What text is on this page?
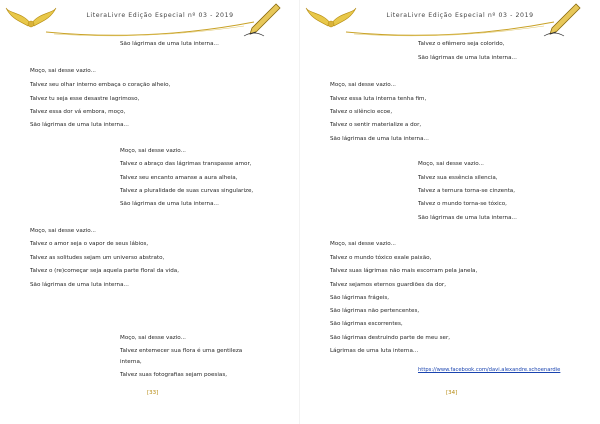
LiteraLivre Edição Especial nº 03 - 2019
São lágrimas de uma luta interna...
Moço, sai desse vazio...
Talvez seu olhar interno embaça o coração alheio,
Talvez tu seja esse desastre lagrimoso,
Talvez essa dor vá embora, moço,
São lágrimas de uma luta interna...
Moço, sai desse vazio...
Talvez o abraço das lágrimas transpasse amor,
Talvez seu encanto amanse a aura alheia,
Talvez a pluralidade de suas curvas singularize,
São lágrimas de uma luta interna...
Moço, sai desse vazio...
Talvez o amor seja o vapor de seus lábios,
Talvez as solitudes sejam um universo abstrato,
Talvez o (re)começar seja aquela parte floral da vida,
São lágrimas de uma luta interna...
Moço, sai desse vazio...
Talvez entemecer sua flora é uma gentileza
interna,
Talvez suas fotografias sejam poesias,
[33]
LiteraLivre Edição Especial nº 03 - 2019
Talvez o efêmero seja colorido,
São lágrimas de uma luta interna...
Moço, sai desse vazio...
Talvez essa luta interna tenha fim,
Talvez o silêncio ecoe,
Talvez o sentir materialize a dor,
São lágrimas de uma luta interna...
Moço, sai desse vazio...
Talvez sua essência silencia,
Talvez a ternura torna-se cinzenta,
Talvez o mundo torna-se tóxico,
São lágrimas de uma luta interna...
Moço, sai desse vazio...
Talvez o mundo tóxico exale paixão,
Talvez suas lágrimas não mais escorram pela janela,
Talvez sejamos eternos guardiões da dor,
São lágrimas frágeis,
São lágrimas não pertencentes,
São lágrimas escorrentes,
São lágrimas destruindo parte de meu ser,
Lágrimas de uma luta interna...
https://www.facebook.com/davi.alexandre.schoenardie
[34]
